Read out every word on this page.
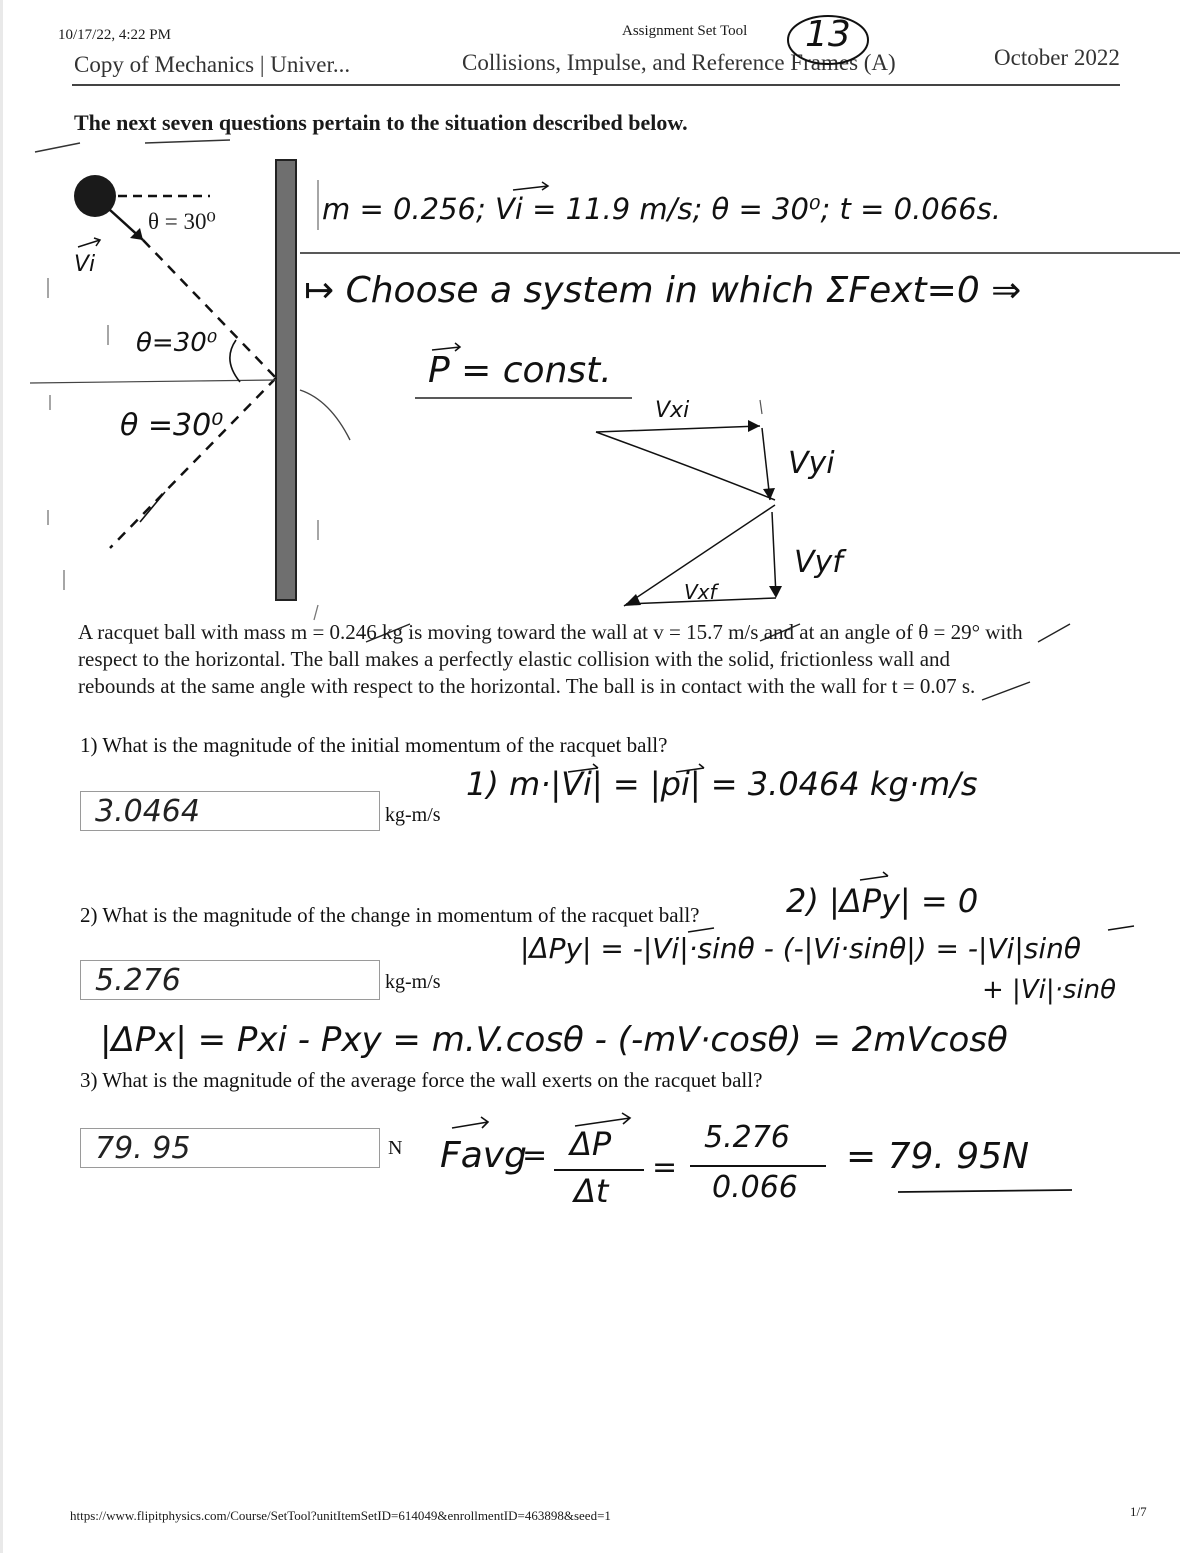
10/17/22, 4:22 PM	Assignment Set Tool
Copy of Mechanics | Univer...	Collisions, Impulse, and Reference Frames (A)	October 2022
13
The next seven questions pertain to the situation described below.
θ = 30⁰
Vi
θ=30⁰
θ =30⁰
m = 0.256; Vi = 11.9 m/s; θ = 30⁰; t = 0.066s.
↦ Choose a system in which ΣFext=0 ⇒
P = const.
Vxi
Vyi
Vyf
Vxf
A racquet ball with mass m = 0.246 kg is moving toward the wall at v = 15.7 m/s and at an angle of θ = 29° with
respect to the horizontal. The ball makes a perfectly elastic collision with the solid, frictionless wall and
rebounds at the same angle with respect to the horizontal. The ball is in contact with the wall for t = 0.07 s.
1) What is the magnitude of the initial momentum of the racquet ball?
3.0464	kg-m/s
1) m·|Vi| = |pi| = 3.0464 kg·m/s
2) What is the magnitude of the change in momentum of the racquet ball?	2) |ΔPy| = 0
5.276	kg-m/s
|ΔPy| = -|Vi|·sinθ - (-|Vi·sinθ|) = -|Vi|sinθ
+ |Vi|·sinθ
|ΔPx| = Pxi - Pxy = m.V.cosθ - (-mV·cosθ) = 2mVcosθ
3) What is the magnitude of the average force the wall exerts on the racquet ball?
79. 95	N Favg
= ΔP
Δt
=
5.276
0.066
= 79. 95N
https://www.flipitphysics.com/Course/SetTool?unitItemSetID=614049&enrollmentID=463898&seed=1	1/7
